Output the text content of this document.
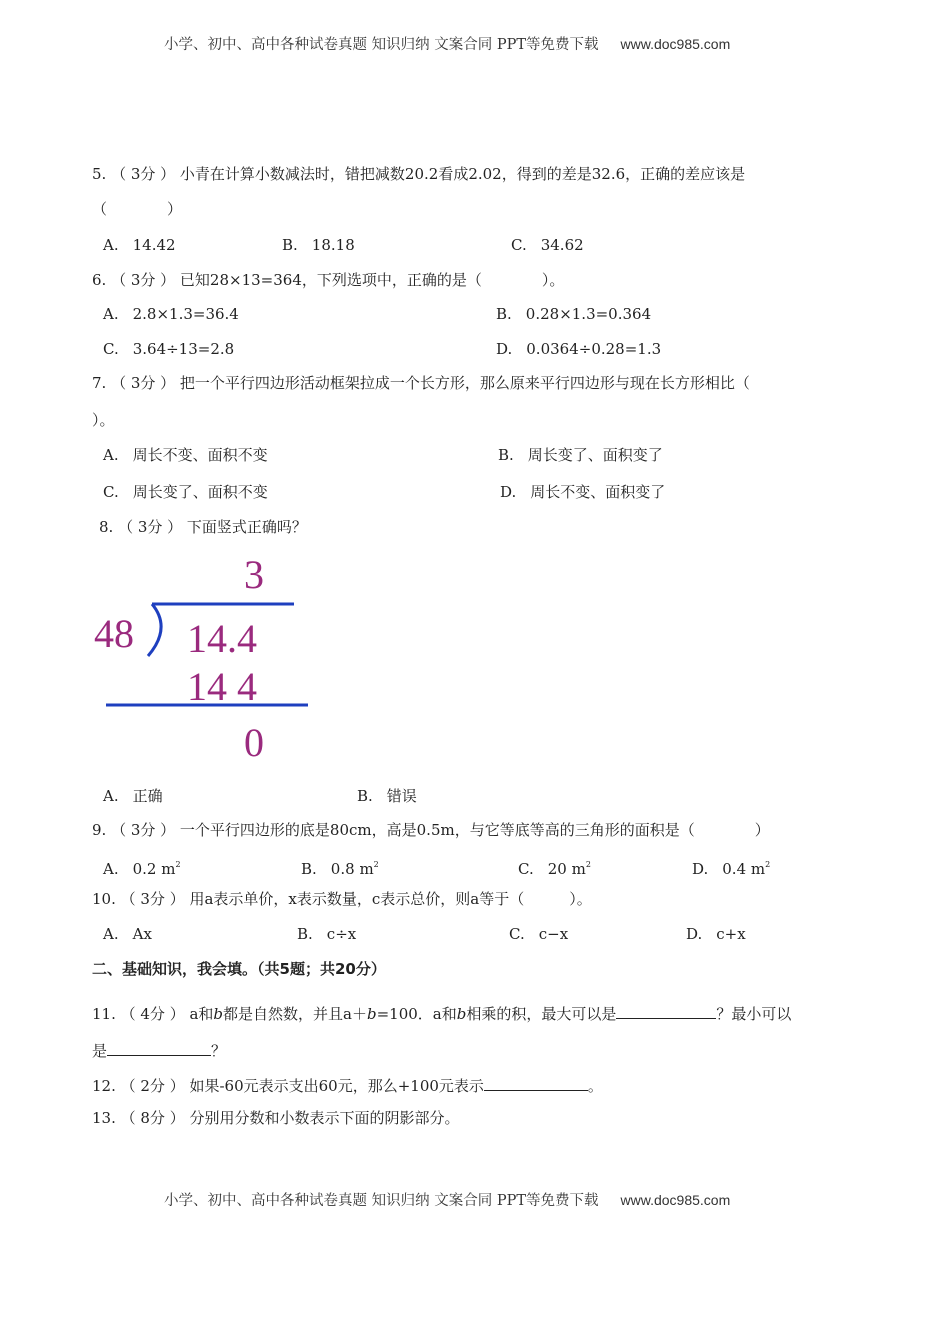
小学、初中、高中各种试卷真题 知识归纳 文案合同 PPT等免费下载 www.doc985.com
5. （ 3分 ） 小青在计算小数减法时，错把减数20.2看成2.02，得到的差是32.6，正确的差应该是
（　　　　）
A. 14.42	B. 18.18	C. 34.62
6. （ 3分 ） 已知28×13=364，下列选项中，正确的是（　　　　）。
A. 2.8×1.3=36.4	B. 0.28×1.3=0.364
C. 3.64÷13=2.8	D. 0.0364÷0.28=1.3
7. （ 3分 ） 把一个平行四边形活动框架拉成一个长方形，那么原来平行四边形与现在长方形相比（
）。
A. 周长不变、面积不变	B. 周长变了、面积变了
C. 周长变了、面积不变	D. 周长不变、面积变了
8. （ 3分 ） 下面竖式正确吗？
3
48 14.4
14 4
0
A. 正确	B. 错误
9. （ 3分 ） 一个平行四边形的底是80cm，高是0.5m，与它等底等高的三角形的面积是（　　　　）
A. 0.2 $m^2$	B. 0.8 $m^2$	C. 20 $m^2$	D. 0.4 $m^2$
10. （ 3分 ） 用a表示单价，x表示数量，c表示总价，则a等于（　　　）。
A. Ax	B. c÷x	C. c−x	D. c+x
二、基础知识，我会填。（共5题；共20分）
11. （ 4分 ） a和b都是自然数，并且a＋b=100．a和b相乘的积，最大可以是	？最小可以
是	？
12. （ 2分 ） 如果-60元表示支出60元，那么+100元表示	。
13. （ 8分 ） 分别用分数和小数表示下面的阴影部分。
小学、初中、高中各种试卷真题 知识归纳 文案合同 PPT等免费下载 www.doc985.com
